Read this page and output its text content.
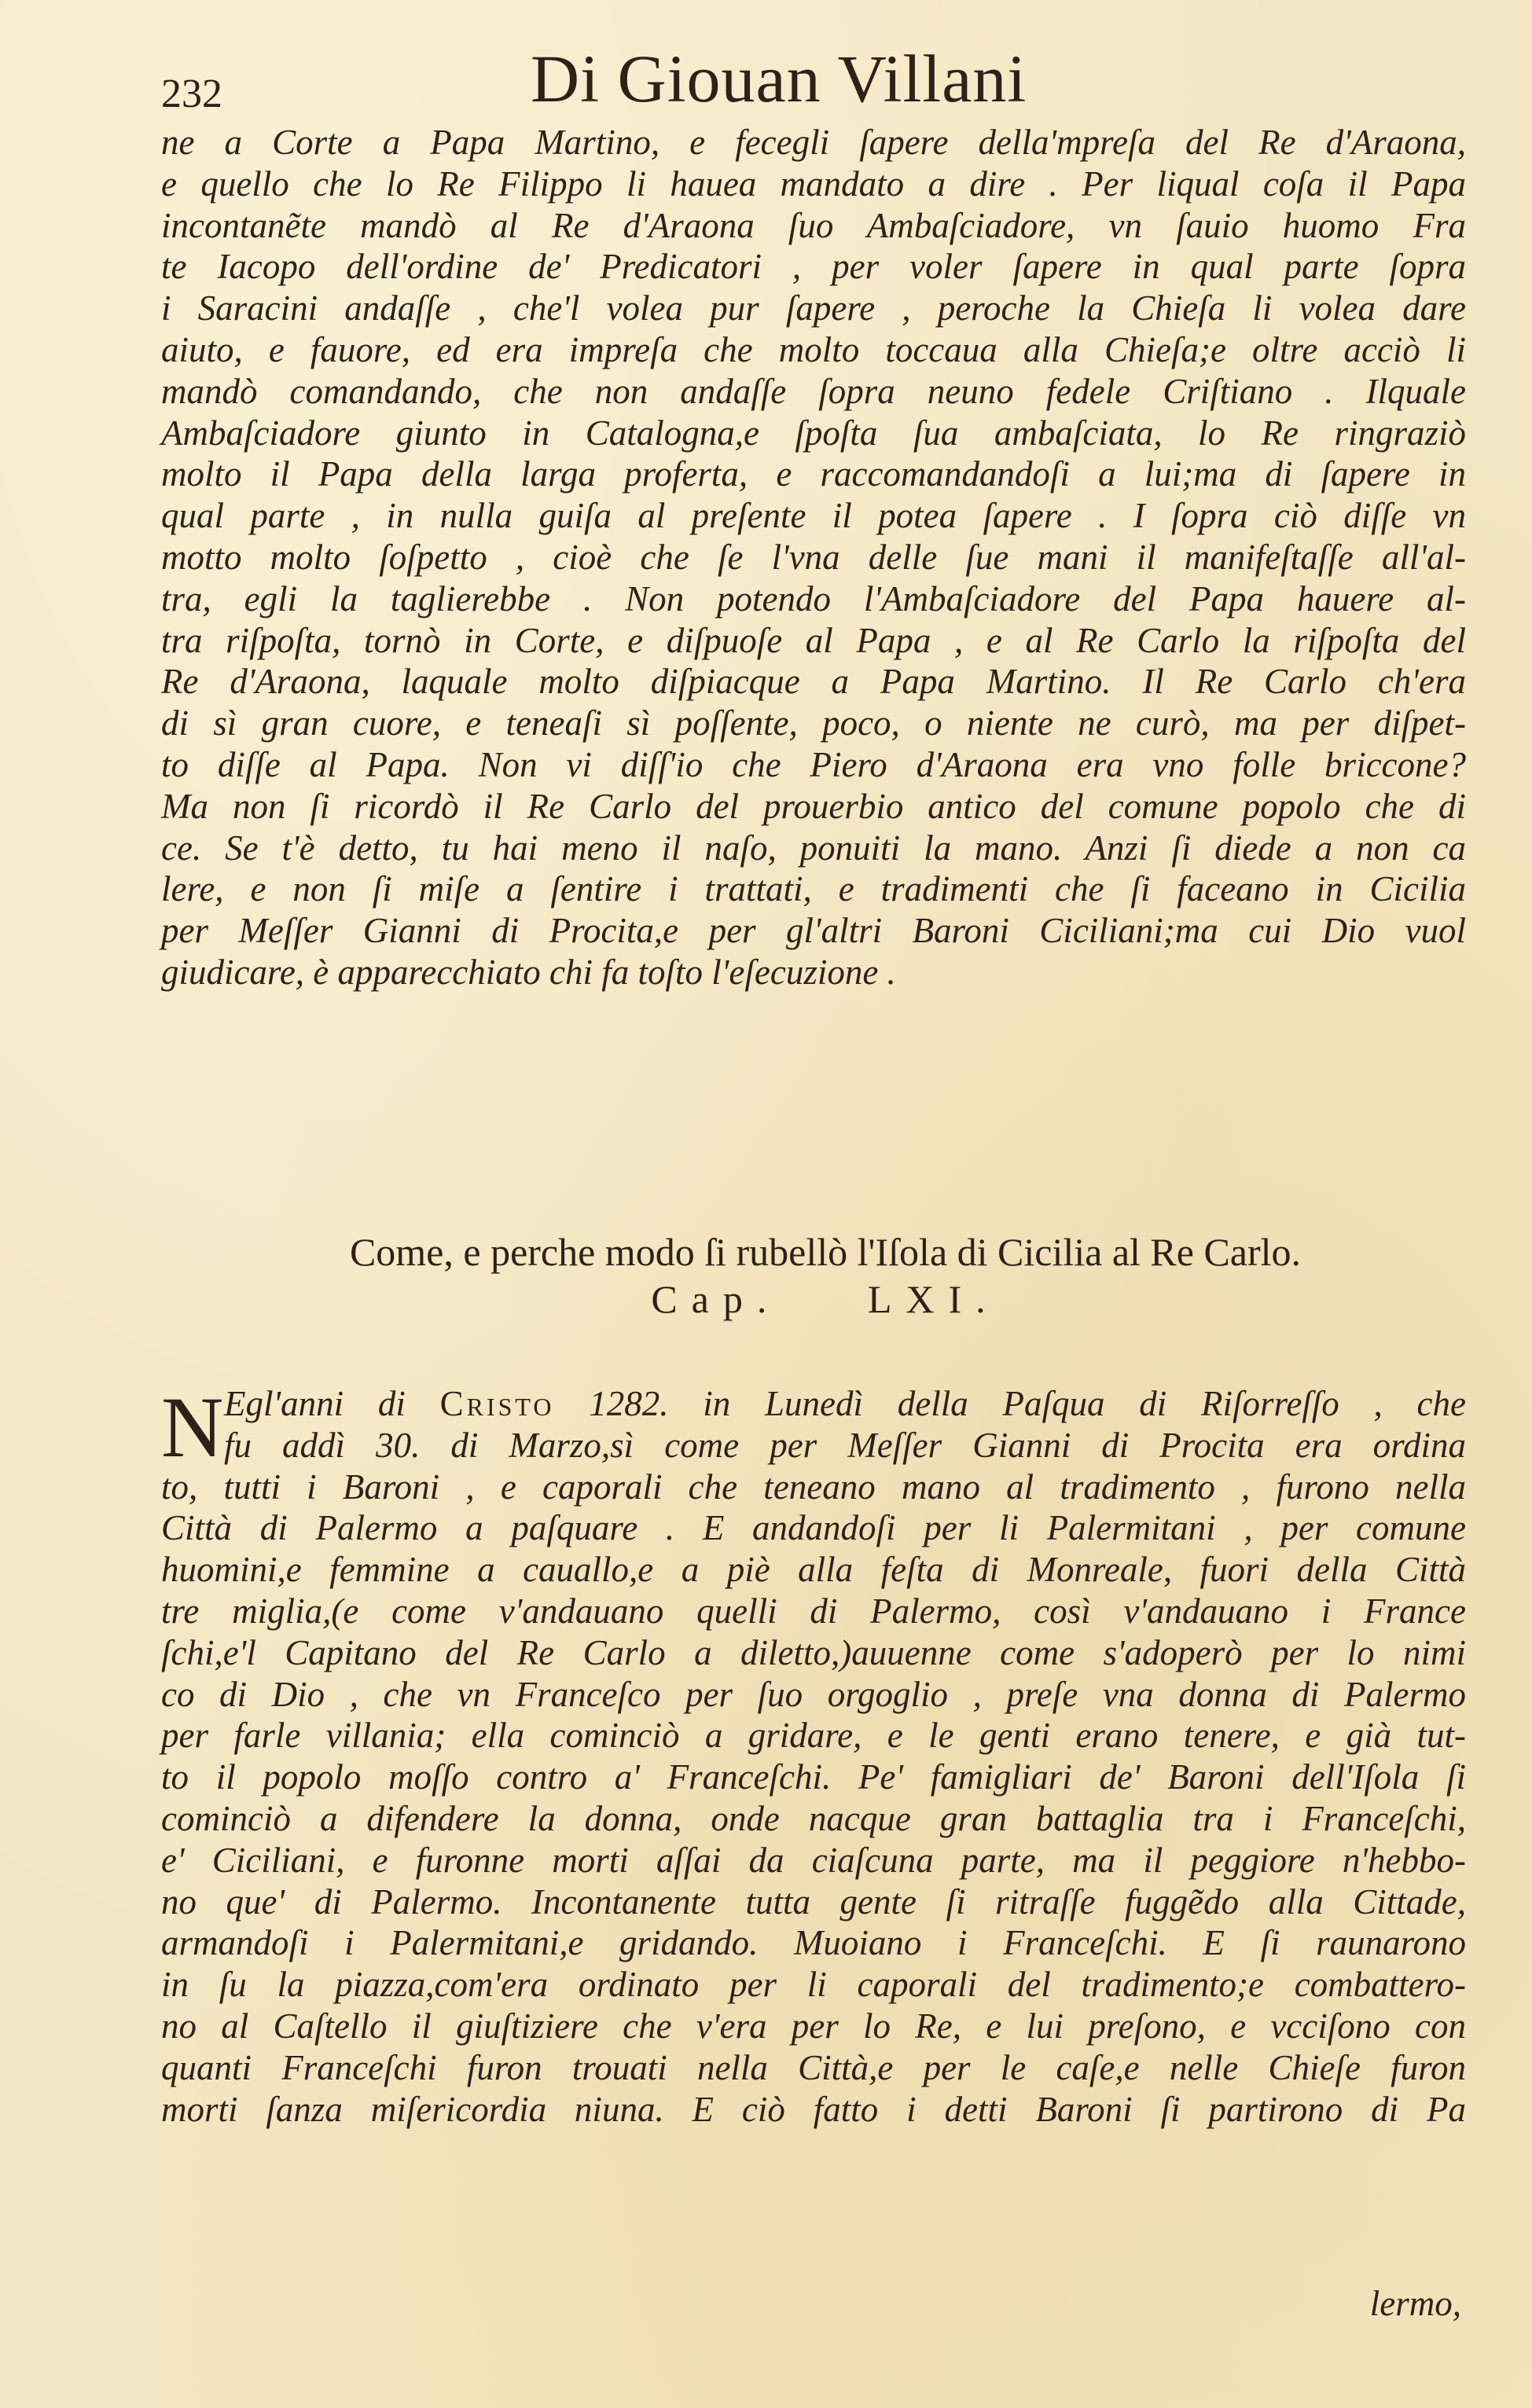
232	Di Giouan Villani
ne a Corte a Papa Martino, e fecegli ſapere della'mpreſa del Re d'Araona,
e quello che lo Re Filippo li hauea mandato a dire . Per liqual coſa il Papa
incontanẽte mandò al Re d'Araona ſuo Ambaſciadore, vn ſauio huomo Fra
te Iacopo dell'ordine de' Predicatori , per voler ſapere in qual parte ſopra
i Saracini andaſſe , che'l volea pur ſapere , peroche la Chieſa li volea dare
aiuto, e fauore, ed era impreſa che molto toccaua alla Chieſa;e oltre acciò li
mandò comandando, che non andaſſe ſopra neuno fedele Criſtiano . Ilquale
Ambaſciadore giunto in Catalogna,e ſpoſta ſua ambaſciata, lo Re ringraziò
molto il Papa della larga proferta, e raccomandandoſi a lui;ma di ſapere in
qual parte , in nulla guiſa al preſente il potea ſapere . I ſopra ciò diſſe vn
motto molto ſoſpetto , cioè che ſe l'vna delle ſue mani il manifeſtaſſe all'al-
tra, egli la taglierebbe . Non potendo l'Ambaſciadore del Papa hauere al-
tra riſpoſta, tornò in Corte, e diſpuoſe al Papa , e al Re Carlo la riſpoſta del
Re d'Araona, laquale molto diſpiacque a Papa Martino. Il Re Carlo ch'era
di sì gran cuore, e teneaſi sì poſſente, poco, o niente ne curò, ma per diſpet-
to diſſe al Papa. Non vi diſſ'io che Piero d'Araona era vno folle briccone?
Ma non ſi ricordò il Re Carlo del prouerbio antico del comune popolo che di
ce. Se t'è detto, tu hai meno il naſo, ponuiti la mano. Anzi ſi diede a non ca
lere, e non ſi miſe a ſentire i trattati, e tradimenti che ſi faceano in Cicilia
per Meſſer Gianni di Procita,e per gl'altri Baroni Ciciliani;ma cui Dio vuol
giudicare, è apparecchiato chi fa toſto l'eſecuzione .
Come, e perche modo ſi rubellò l'Iſola di Cicilia al Re Carlo.
Cap. LXI.
N Egl'anni di Cristo 1282. in Lunedì della Paſqua di Riſorreſſo , che
fu addì 30. di Marzo,sì come per Meſſer Gianni di Procita era ordina
to, tutti i Baroni , e caporali che teneano mano al tradimento , furono nella
Città di Palermo a paſquare . E andandoſi per li Palermitani , per comune
huomini,e femmine a cauallo,e a piè alla feſta di Monreale, fuori della Città
tre miglia,(e come v'andauano quelli di Palermo, così v'andauano i France
ſchi,e'l Capitano del Re Carlo a diletto,)auuenne come s'adoperò per lo nimi
co di Dio , che vn Franceſco per ſuo orgoglio , preſe vna donna di Palermo
per farle villania; ella cominciò a gridare, e le genti erano tenere, e già tut-
to il popolo moſſo contro a' Franceſchi. Pe' famigliari de' Baroni dell'Iſola ſi
cominciò a difendere la donna, onde nacque gran battaglia tra i Franceſchi,
e' Ciciliani, e furonne morti aſſai da ciaſcuna parte, ma il peggiore n'hebbo-
no que' di Palermo. Incontanente tutta gente ſi ritraſſe fuggẽdo alla Cittade,
armandoſi i Palermitani,e gridando. Muoiano i Franceſchi. E ſi raunarono
in ſu la piazza,com'era ordinato per li caporali del tradimento;e combattero-
no al Caſtello il giuſtiziere che v'era per lo Re, e lui preſono, e vcciſono con
quanti Franceſchi furon trouati nella Città,e per le caſe,e nelle Chieſe furon
morti ſanza miſericordia niuna. E ciò fatto i detti Baroni ſi partirono di Pa
lermo,
